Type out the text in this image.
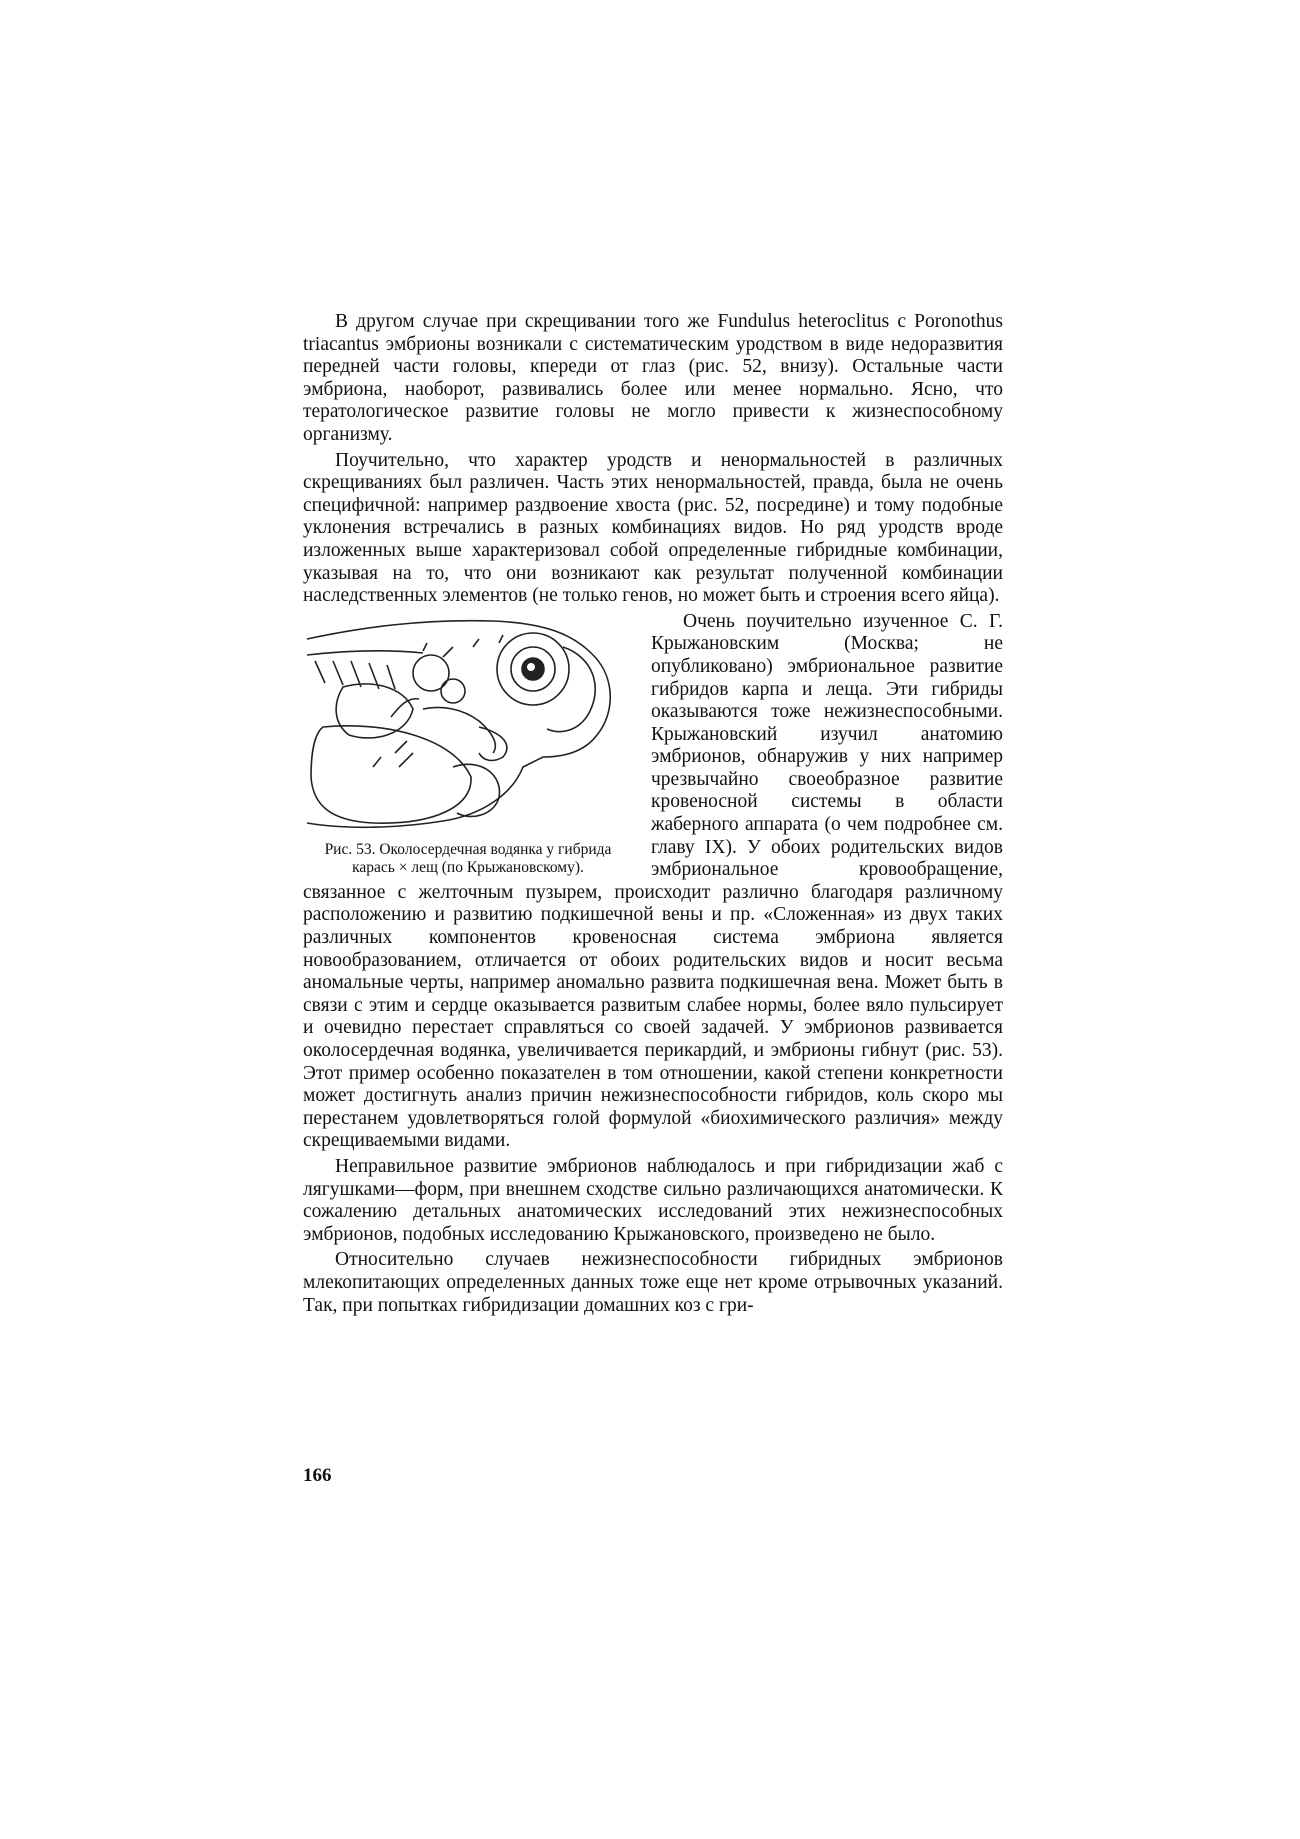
В другом случае при скрещивании того же Fundulus heteroclitus с Poronothus triacantus эмбрионы возникали с систематическим уродством в виде недоразвития передней части головы, кпереди от глаз (рис. 52, внизу). Остальные части эмбриона, наоборот, развивались более или менее нормально. Ясно, что тератологическое развитие головы не могло привести к жизнеспособному организму.

Поучительно, что характер уродств и ненормальностей в различных скрещиваниях был различен. Часть этих ненормальностей, правда, была не очень специфичной: например раздвоение хвоста (рис. 52, посредине) и тому подобные уклонения встречались в разных комбинациях видов. Но ряд уродств вроде изложенных выше характеризовал собой определенные гибридные комбинации, указывая на то, что они возникают как результат полученной комбинации наследственных элементов (не только генов, но может быть и строения всего яйца).

Рис. 53. Околосердечная водянка у гибрида карась × лещ (по Крыжановскому).

Очень поучительно изученное С. Г. Крыжановским (Москва; не опубликовано) эмбриональное развитие гибридов карпа и леща. Эти гибриды оказываются тоже нежизнеспособными. Крыжановский изучил анатомию эмбрионов, обнаружив у них например чрезвычайно своеобразное развитие кровеносной системы в области жаберного аппарата (о чем подробнее см. главу IX). У обоих родительских видов эмбриональное кровообращение, связанное с желточным пузырем, происходит различно благодаря различному расположению и развитию подкишечной вены и пр. «Сложенная» из двух таких различных компонентов кровеносная система эмбриона является новообразованием, отличается от обоих родительских видов и носит весьма аномальные черты, например аномально развита подкишечная вена. Может быть в связи с этим и сердце оказывается развитым слабее нормы, более вяло пульсирует и очевидно перестает справляться со своей задачей. У эмбрионов развивается околосердечная водянка, увеличивается перикардий, и эмбрионы гибнут (рис. 53). Этот пример особенно показателен в том отношении, какой степени конкретности может достигнуть анализ причин нежизнеспособности гибридов, коль скоро мы перестанем удовлетворяться голой формулой «биохимического различия» между скрещиваемыми видами.

Неправильное развитие эмбрионов наблюдалось и при гибридизации жаб с лягушками—форм, при внешнем сходстве сильно различающихся анатомически. К сожалению детальных анатомических исследований этих нежизнеспособных эмбрионов, подобных исследованию Крыжановского, произведено не было.

Относительно случаев нежизнеспособности гибридных эмбрионов млекопитающих определенных данных тоже еще нет кроме отрывочных указаний. Так, при попытках гибридизации домашних коз с гри-

166
